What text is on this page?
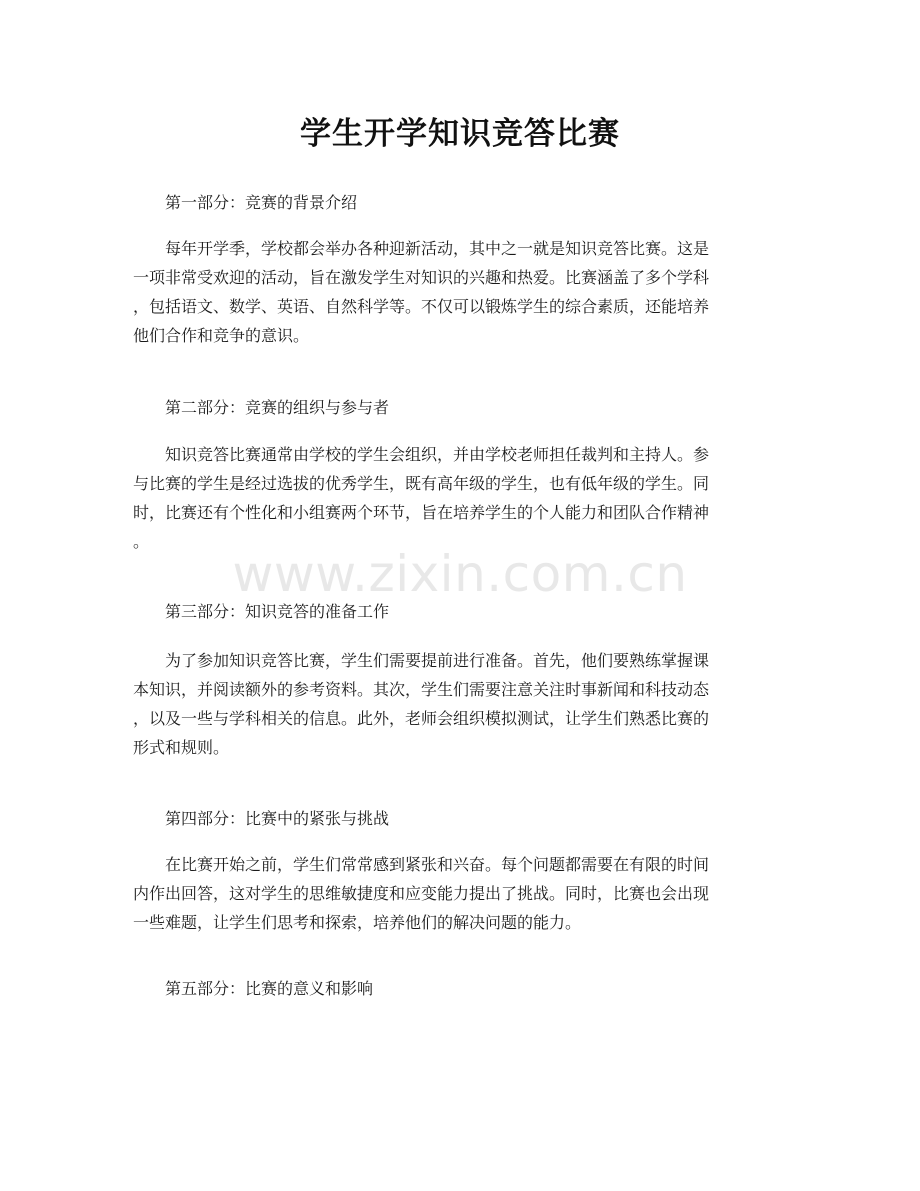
学生开学知识竞答比赛
第一部分：竞赛的背景介绍
每年开学季，学校都会举办各种迎新活动，其中之一就是知识竞答比赛。这是
一项非常受欢迎的活动，旨在激发学生对知识的兴趣和热爱。比赛涵盖了多个学科
，包括语文、数学、英语、自然科学等。不仅可以锻炼学生的综合素质，还能培养
他们合作和竞争的意识。
第二部分：竞赛的组织与参与者
知识竞答比赛通常由学校的学生会组织，并由学校老师担任裁判和主持人。参
与比赛的学生是经过选拔的优秀学生，既有高年级的学生，也有低年级的学生。同
时，比赛还有个性化和小组赛两个环节，旨在培养学生的个人能力和团队合作精神
。
www.zixin.com.cn
第三部分：知识竞答的准备工作
为了参加知识竞答比赛，学生们需要提前进行准备。首先，他们要熟练掌握课
本知识，并阅读额外的参考资料。其次，学生们需要注意关注时事新闻和科技动态
，以及一些与学科相关的信息。此外，老师会组织模拟测试，让学生们熟悉比赛的
形式和规则。
第四部分：比赛中的紧张与挑战
在比赛开始之前，学生们常常感到紧张和兴奋。每个问题都需要在有限的时间
内作出回答，这对学生的思维敏捷度和应变能力提出了挑战。同时，比赛也会出现
一些难题，让学生们思考和探索，培养他们的解决问题的能力。
第五部分：比赛的意义和影响
